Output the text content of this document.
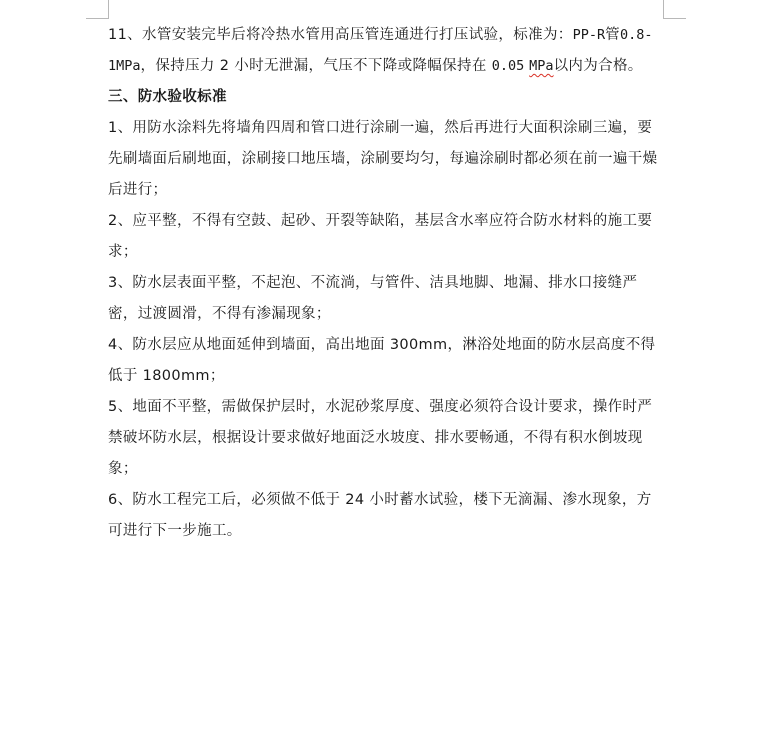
11、水管安装完毕后将冷热水管用高压管连通进行打压试验，标准为：PP-R管0.8-1MPa，保持压力 2 小时无泄漏，气压不下降或降幅保持在 0.05 MPa以内为合格。

三、防水验收标准

1、用防水涂料先将墙角四周和管口进行涂刷一遍，然后再进行大面积涂刷三遍，要先刷墙面后刷地面，涂刷接口地压墙，涂刷要均匀，每遍涂刷时都必须在前一遍干燥后进行；

2、应平整，不得有空鼓、起砂、开裂等缺陷，基层含水率应符合防水材料的施工要求；

3、防水层表面平整，不起泡、不流淌，与管件、洁具地脚、地漏、排水口接缝严密，过渡圆滑，不得有渗漏现象；

4、防水层应从地面延伸到墙面，高出地面 300mm，淋浴处地面的防水层高度不得低于 1800mm；

5、地面不平整，需做保护层时，水泥砂浆厚度、强度必须符合设计要求，操作时严禁破坏防水层，根据设计要求做好地面泛水坡度、排水要畅通，不得有积水倒坡现象；

6、防水工程完工后，必须做不低于 24 小时蓄水试验，楼下无滴漏、渗水现象，方可进行下一步施工。
